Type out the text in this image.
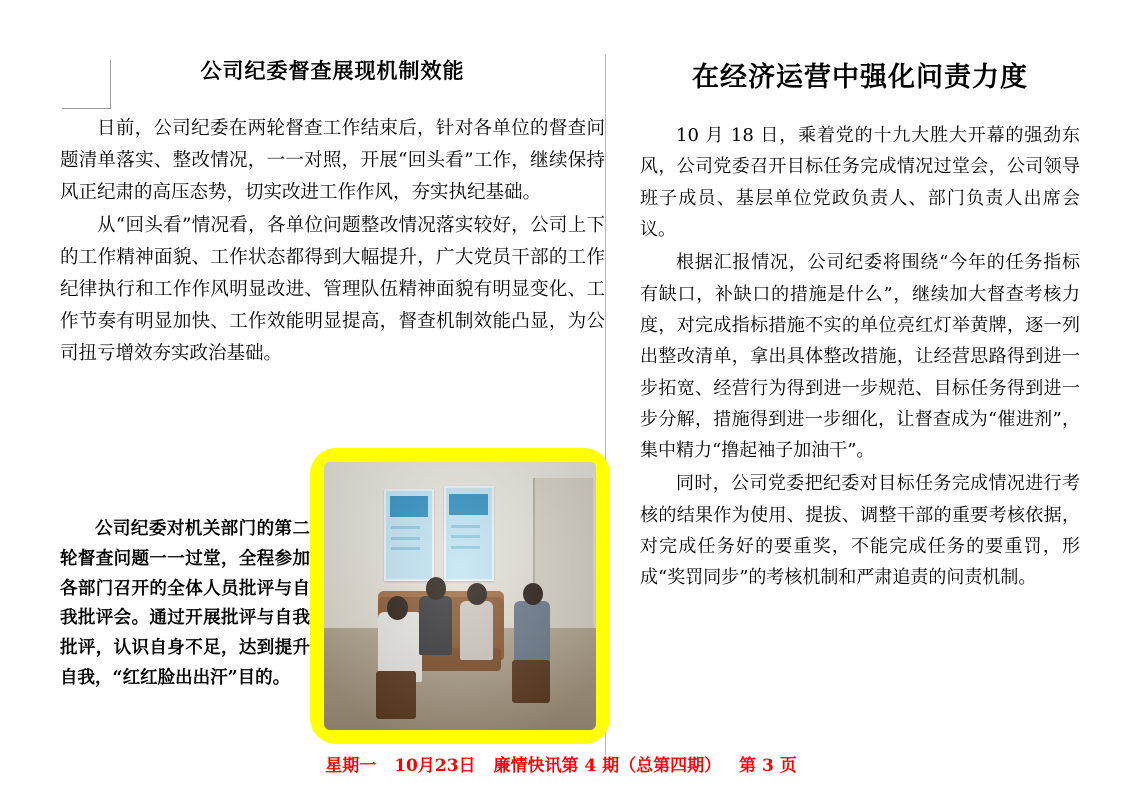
公司纪委督查展现机制效能

日前，公司纪委在两轮督查工作结束后，针对各单位的督查问题清单落实、整改情况，一一对照，开展“回头看”工作，继续保持风正纪肃的高压态势，切实改进工作作风，夯实执纪基础。

从“回头看”情况看，各单位问题整改情况落实较好，公司上下的工作精神面貌、工作状态都得到大幅提升，广大党员干部的工作纪律执行和工作作风明显改进、管理队伍精神面貌有明显变化、工作节奏有明显加快、工作效能明显提高，督查机制效能凸显，为公司扭亏增效夯实政治基础。

公司纪委对机关部门的第二轮督查问题一一过堂，全程参加各部门召开的全体人员批评与自我批评会。通过开展批评与自我批评，认识自身不足，达到提升自我，“红红脸出出汗”目的。
在经济运营中强化问责力度

10 月 18 日，乘着党的十九大胜大开幕的强劲东风，公司党委召开目标任务完成情况过堂会，公司领导班子成员、基层单位党政负责人、部门负责人出席会议。

根据汇报情况，公司纪委将围绕“今年的任务指标有缺口，补缺口的措施是什么”，继续加大督查考核力度，对完成指标措施不实的单位亮红灯举黄牌，逐一列出整改清单，拿出具体整改措施，让经营思路得到进一步拓宽、经营行为得到进一步规范、目标任务得到进一步分解，措施得到进一步细化，让督查成为“催进剂”，集中精力“撸起袖子加油干”。

同时，公司党委把纪委对目标任务完成情况进行考核的结果作为使用、提拔、调整干部的重要考核依据，对完成任务好的要重奖，不能完成任务的要重罚，形成“奖罚同步”的考核机制和严肃追责的问责机制。

星期一 10月23日 廉情快讯第 4 期（总第四期） 第 3 页
